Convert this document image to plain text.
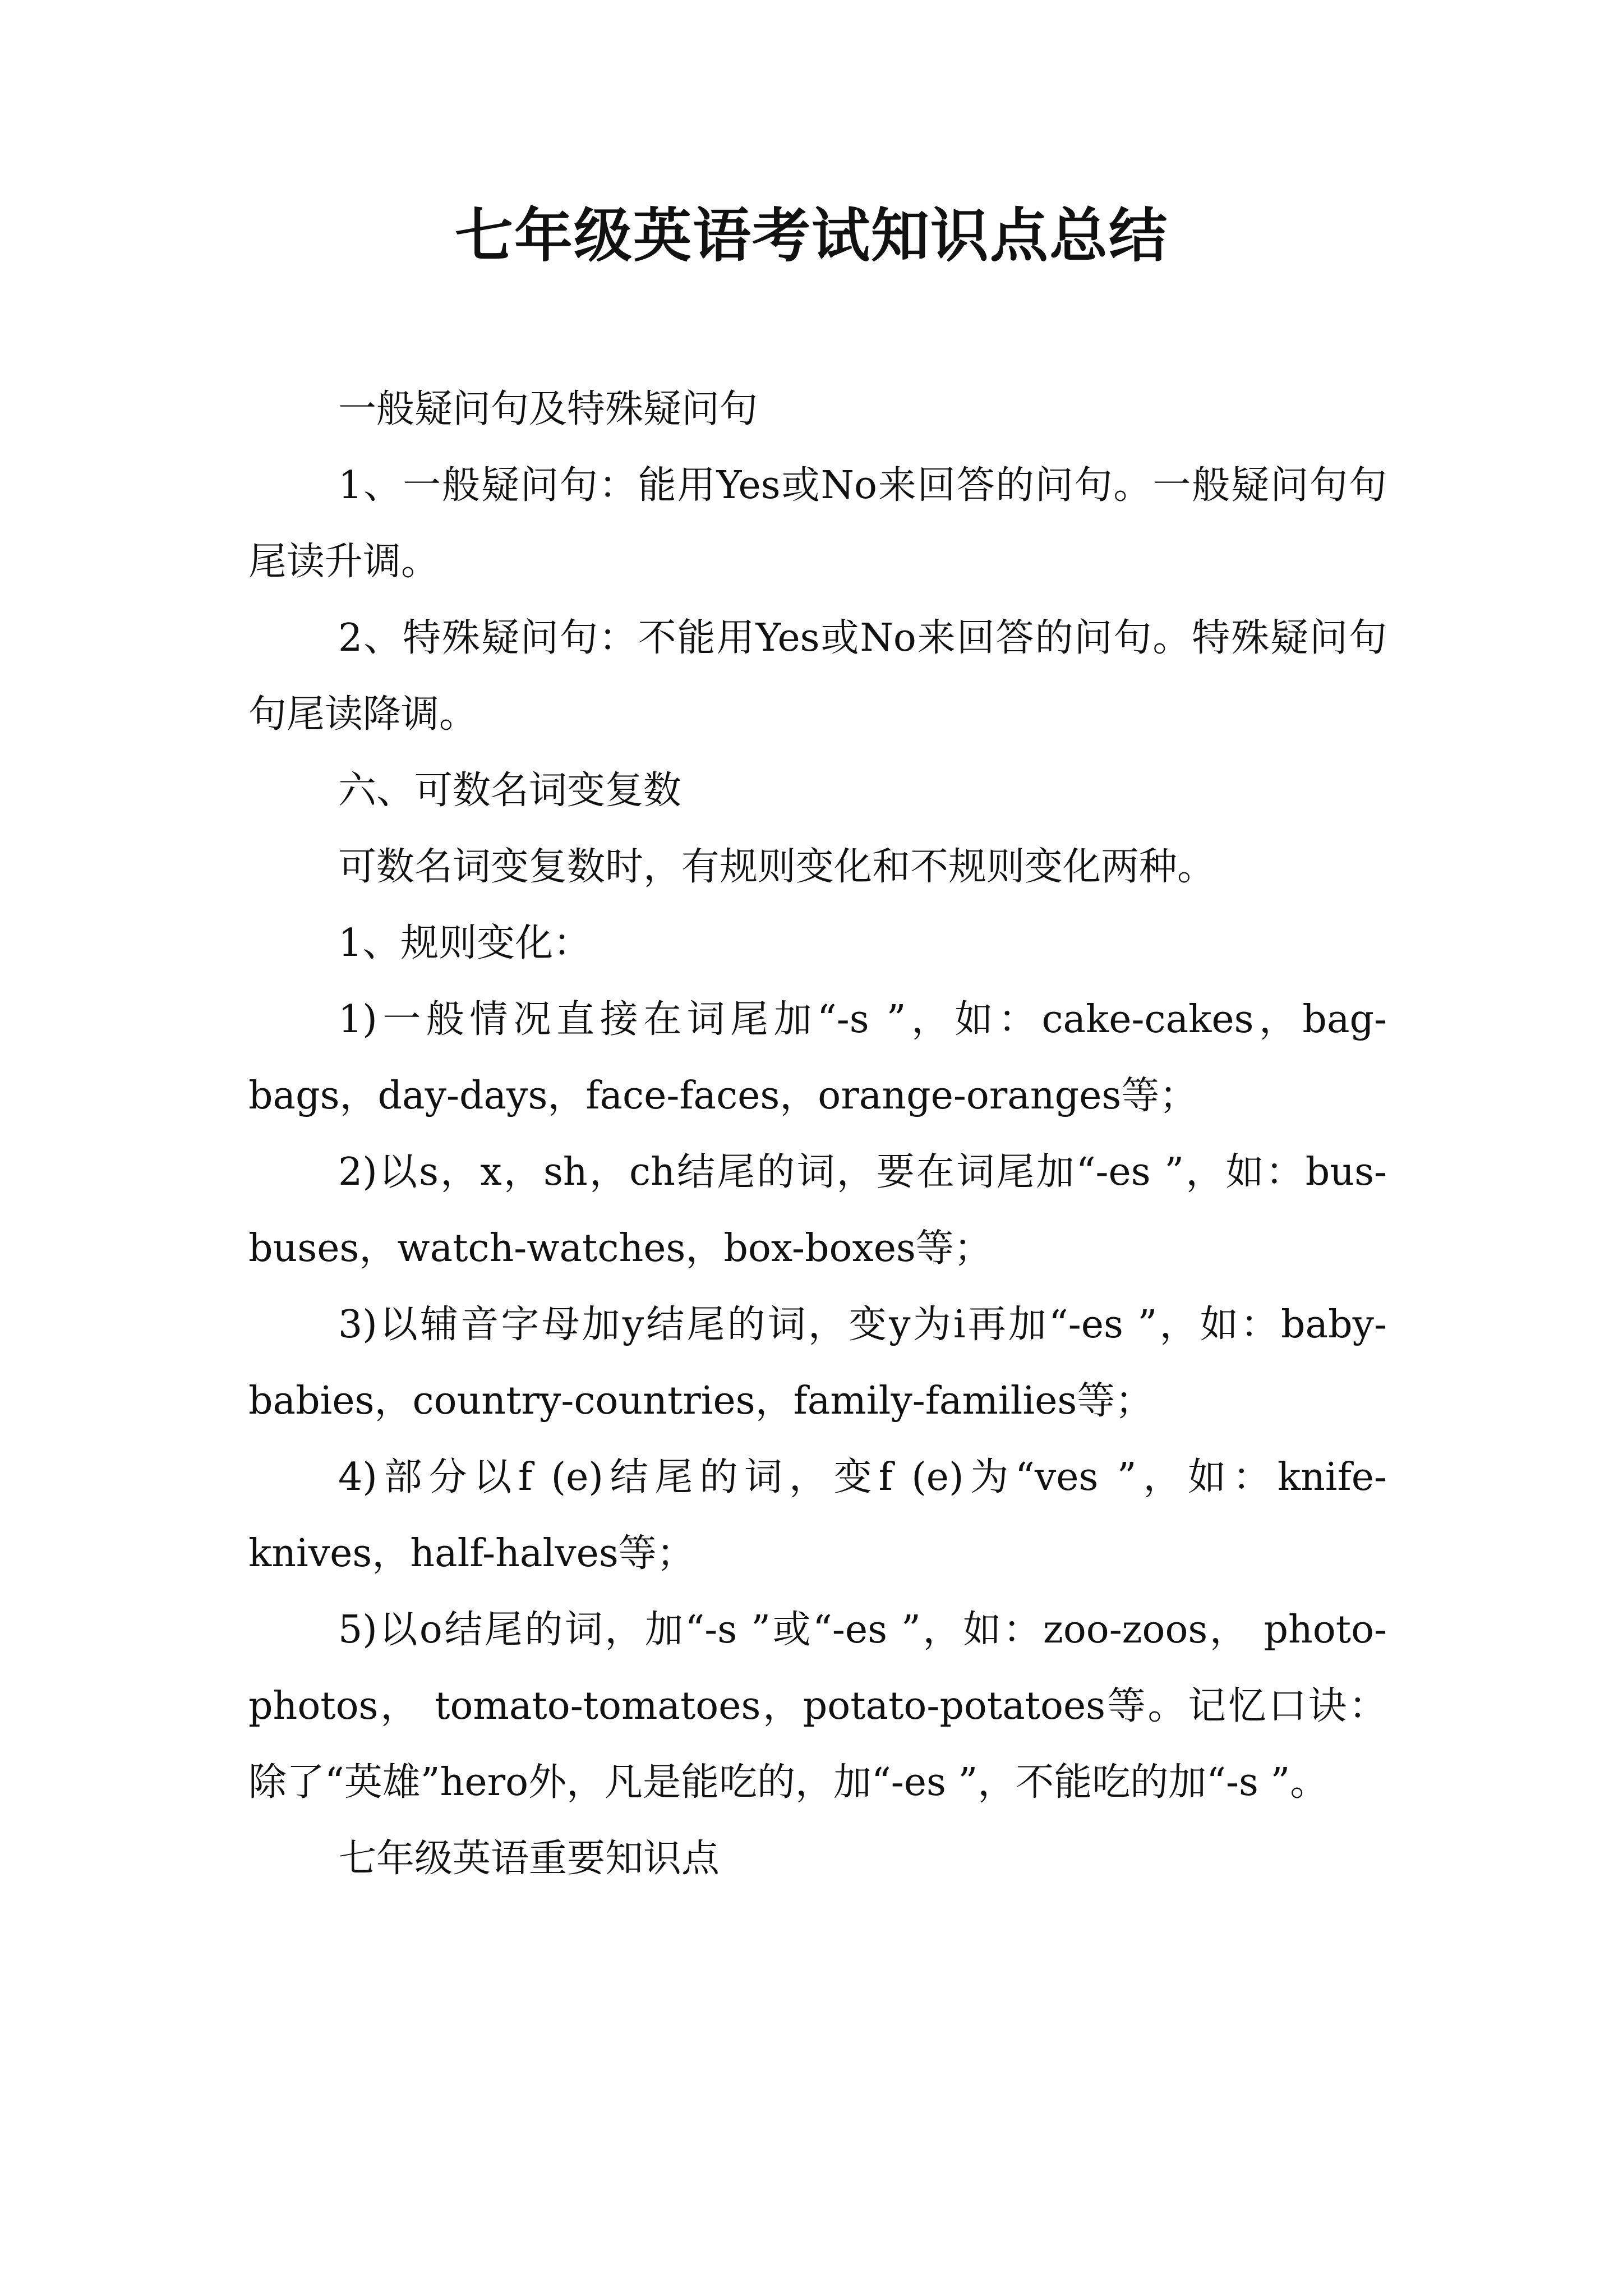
七年级英语考试知识点总结

一般疑问句及特殊疑问句

1、一般疑问句：能用Yes或No来回答的问句。一般疑问句句尾读升调。

2、特殊疑问句：不能用Yes或No来回答的问句。特殊疑问句句尾读降调。

六、可数名词变复数

可数名词变复数时，有规则变化和不规则变化两种。

1、规则变化：

1)一般情况直接在词尾加“-s ”，如：cake-cakes，bag-bags，day-days，face-faces，orange-oranges等；

2)以s，x，sh，ch结尾的词，要在词尾加“-es ”，如：bus-buses，watch-watches，box-boxes等；

3)以辅音字母加y结尾的词，变y为i再加“-es ”，如：baby-babies，country-countries，family-families等；

4)部分以f (e)结尾的词，变f (e)为“ves ”，如：knife-knives，half-halves等；

5)以o结尾的词，加“-s ”或“-es ”，如：zoo-zoos， photo-photos， tomato-tomatoes，potato-potatoes等。记忆口诀：除了“英雄”hero外，凡是能吃的，加“-es ”，不能吃的加“-s ”。

七年级英语重要知识点
